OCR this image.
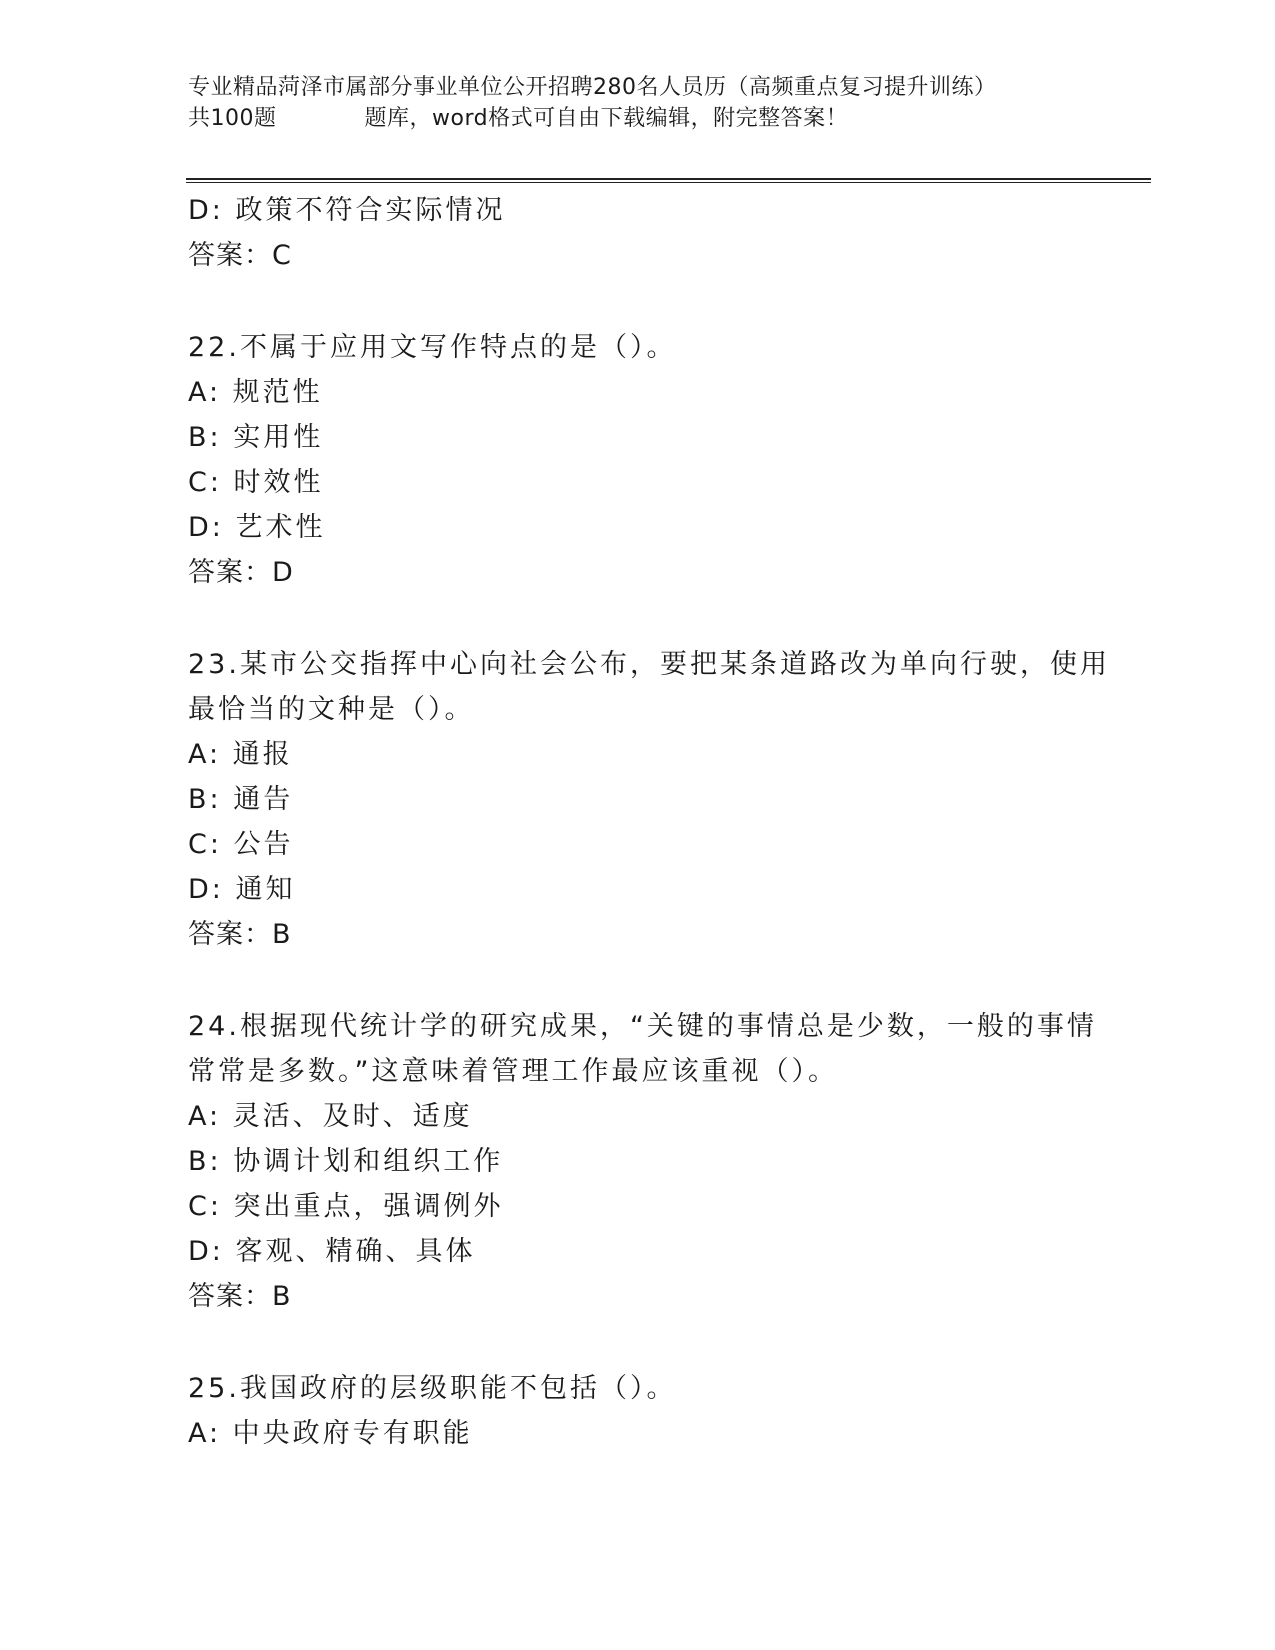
专业精品菏泽市属部分事业单位公开招聘280名人员历（高频重点复习提升训练）
共100题	题库，word格式可自由下载编辑，附完整答案！
D: 政策不符合实际情况
答案：C
22.不属于应用文写作特点的是（）。
A: 规范性
B: 实用性
C: 时效性
D: 艺术性
答案：D
23.某市公交指挥中心向社会公布，要把某条道路改为单向行驶，使用
最恰当的文种是（）。
A: 通报
B: 通告
C: 公告
D: 通知
答案：B
24.根据现代统计学的研究成果，“关键的事情总是少数，一般的事情
常常是多数。”这意味着管理工作最应该重视（）。
A: 灵活、及时、适度
B: 协调计划和组织工作
C: 突出重点，强调例外
D: 客观、精确、具体
答案：B
25.我国政府的层级职能不包括（）。
A: 中央政府专有职能
